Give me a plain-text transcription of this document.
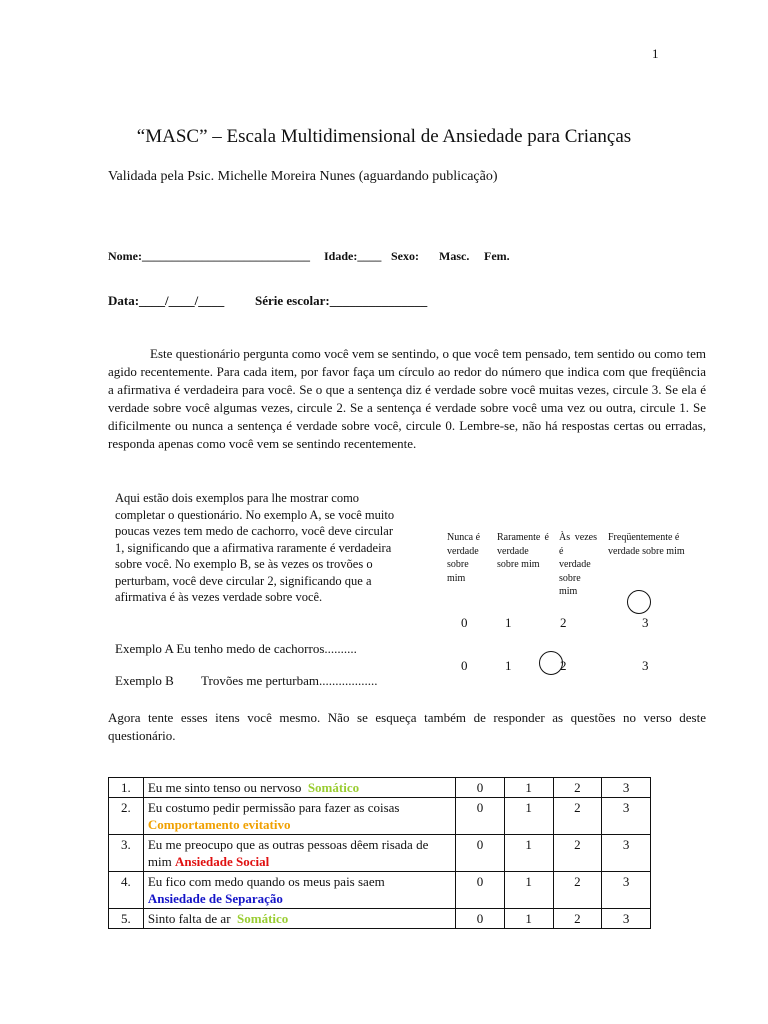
1
“MASC” – Escala Multidimensional de Ansiedade para Crianças
Validada pela Psic. Michelle Moreira Nunes (aguardando publicação)
Nome:____________________________ Idade:____ Sexo: Masc. Fem.
Data:____/____/____ Série escolar:_______________
Este questionário pergunta como você vem se sentindo, o que você tem pensado, tem sentido ou como tem agido recentemente. Para cada item, por favor faça um círculo ao redor do número que indica com que freqüência a afirmativa é verdadeira para você. Se o que a sentença diz é verdade sobre você muitas vezes, circule 3. Se ela é verdade sobre você algumas vezes, circule 2. Se a sentença é verdade sobre você uma vez ou outra, circule 1. Se dificilmente ou nunca a sentença é verdade sobre você, circule 0. Lembre-se, não há respostas certas ou erradas, responda apenas como você vem se sentindo recentemente.
Aqui estão dois exemplos para lhe mostrar como completar o questionário. No exemplo A, se você muito poucas vezes tem medo de cachorro, você deve circular 1, significando que a afirmativa raramente é verdadeira sobre você. No exemplo B, se às vezes os trovões o perturbam, você deve circular 2, significando que a afirmativa é às vezes verdade sobre você.
Nunca é verdade sobre mim
Raramente é verdade sobre mim
Às vezes é verdade sobre mim
Freqüentemente é verdade sobre mim
0	1	2	3
Exemplo A Eu tenho medo de cachorros..........
0	1	2	3
Exemplo B Trovões me perturbam..................
Agora tente esses itens você mesmo. Não se esqueça também de responder as questões no verso deste questionário.
1.	Eu me sinto tenso ou nervoso Somático	0	1	2	3
2.	Eu costumo pedir permissão para fazer as coisas
Comportamento evitativo	0	1	2	3
3.	Eu me preocupo que as outras pessoas dêem risada de mim Ansiedade Social	0	1	2	3
4.	Eu fico com medo quando os meus pais saem
Ansiedade de Separação	0	1	2	3
5.	Sinto falta de ar Somático	0	1	2	3
